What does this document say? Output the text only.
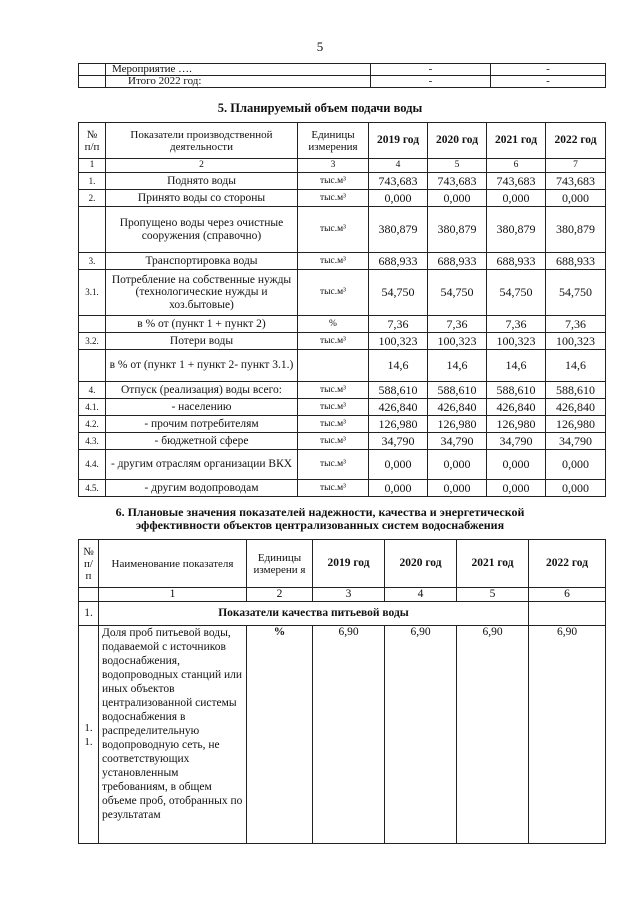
5
	Мероприятие ….	-	-
	Итого 2022 год:	-	-
5. Планируемый объем подачи воды
№ п/п	Показатели производственной деятельности	Единицы измерения	2019 год	2020 год	2021 год	2022 год
1	2	3	4	5	6	7
1.	Поднято воды	тыс.м³	743,683	743,683	743,683	743,683
2.	Принято воды со стороны	тыс.м³	0,000	0,000	0,000	0,000
	Пропущено воды через очистные сооружения (справочно)	тыс.м³	380,879	380,879	380,879	380,879
3.	Транспортировка воды	тыс.м³	688,933	688,933	688,933	688,933
3.1.	Потребление на собственные нужды (технологические нужды и хоз.бытовые)	тыс.м³	54,750	54,750	54,750	54,750
	в % от (пункт 1 + пункт 2)	%	7,36	7,36	7,36	7,36
3.2.	Потери воды	тыс.м³	100,323	100,323	100,323	100,323
	в % от (пункт 1 + пункт 2- пункт 3.1.)		14,6	14,6	14,6	14,6
4.	Отпуск (реализация) воды всего:	тыс.м³	588,610	588,610	588,610	588,610
4.1.	- населению	тыс.м³	426,840	426,840	426,840	426,840
4.2.	- прочим потребителям	тыс.м³	126,980	126,980	126,980	126,980
4.3.	- бюджетной сфере	тыс.м³	34,790	34,790	34,790	34,790
4.4.	- другим отраслям организации ВКХ	тыс.м³	0,000	0,000	0,000	0,000
4.5.	- другим водопроводам	тыс.м³	0,000	0,000	0,000	0,000
6. Плановые значения показателей надежности, качества и энергетической
эффективности объектов централизованных систем водоснабжения
№ п/ п	Наименование показателя	Единицы измерени я	2019 год	2020 год	2021 год	2022 год
	1	2	3	4	5	6
1.	Показатели качества питьевой воды					
1. 1.	Доля проб питьевой воды, подаваемой с источников водоснабжения, водопроводных станций или иных объектов централизованной системы водоснабжения в распределительную водопроводную сеть, не соответствующих установленным требованиям, в общем объеме проб, отобранных по результатам	%	6,90	6,90	6,90	6,90
